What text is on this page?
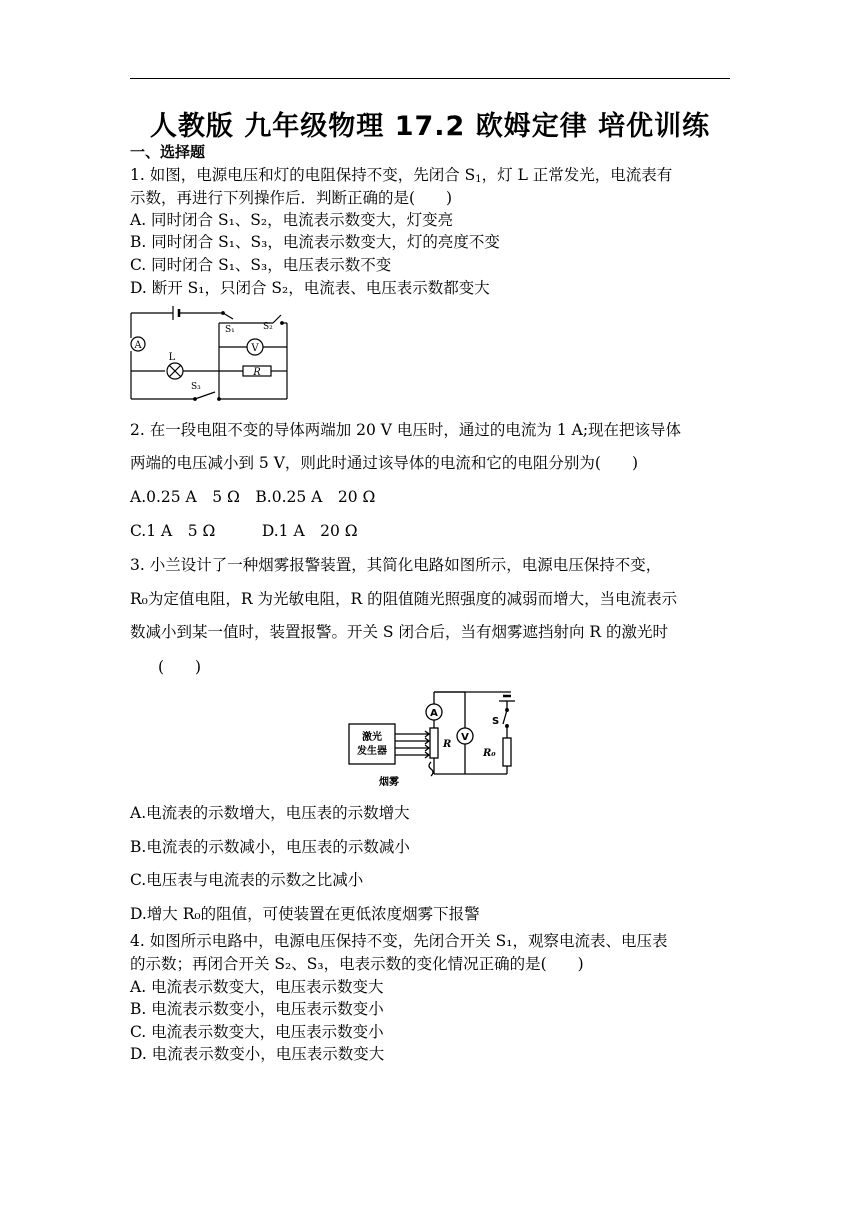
人教版 九年级物理 17.2 欧姆定律 培优训练
一、选择题
1. 如图，电源电压和灯的电阻保持不变，先闭合 $S_1$，灯 L 正常发光，电流表有
示数，再进行下列操作后．判断正确的是(　　)
A. 同时闭合 S₁、S₂，电流表示数变大，灯变亮
B. 同时闭合 S₁、S₃，电流表示数变大，灯的亮度不变
C. 同时闭合 S₁、S₃，电压表示数不变
D. 断开 S₁，只闭合 S₂，电流表、电压表示数都变大
A	V
L
R
S₁	S₂
S₃
2. 在一段电阻不变的导体两端加 20 V 电压时，通过的电流为 1 A;现在把该导体
两端的电压减小到 5 V，则此时通过该导体的电流和它的电阻分别为(　　)
A.0.25 A　5 Ω　B.0.25 A　20 Ω
C.1 A　5 Ω　　　D.1 A　20 Ω
3. 小兰设计了一种烟雾报警装置，其简化电路如图所示，电源电压保持不变，
R₀为定值电阻，R 为光敏电阻，R 的阻值随光照强度的减弱而增大，当电流表示
数减小到某一值时，装置报警。开关 S 闭合后，当有烟雾遮挡射向 R 的激光时
(　　)
激光
发生器
烟雾
A
V
R
R₀
S
A.电流表的示数增大，电压表的示数增大
B.电流表的示数减小，电压表的示数减小
C.电压表与电流表的示数之比减小
D.增大 R₀的阻值，可使装置在更低浓度烟雾下报警
4. 如图所示电路中，电源电压保持不变，先闭合开关 S₁，观察电流表、电压表
的示数；再闭合开关 S₂、S₃，电表示数的变化情况正确的是(　　)
A. 电流表示数变大，电压表示数变大
B. 电流表示数变小，电压表示数变小
C. 电流表示数变大，电压表示数变小
D. 电流表示数变小，电压表示数变大
